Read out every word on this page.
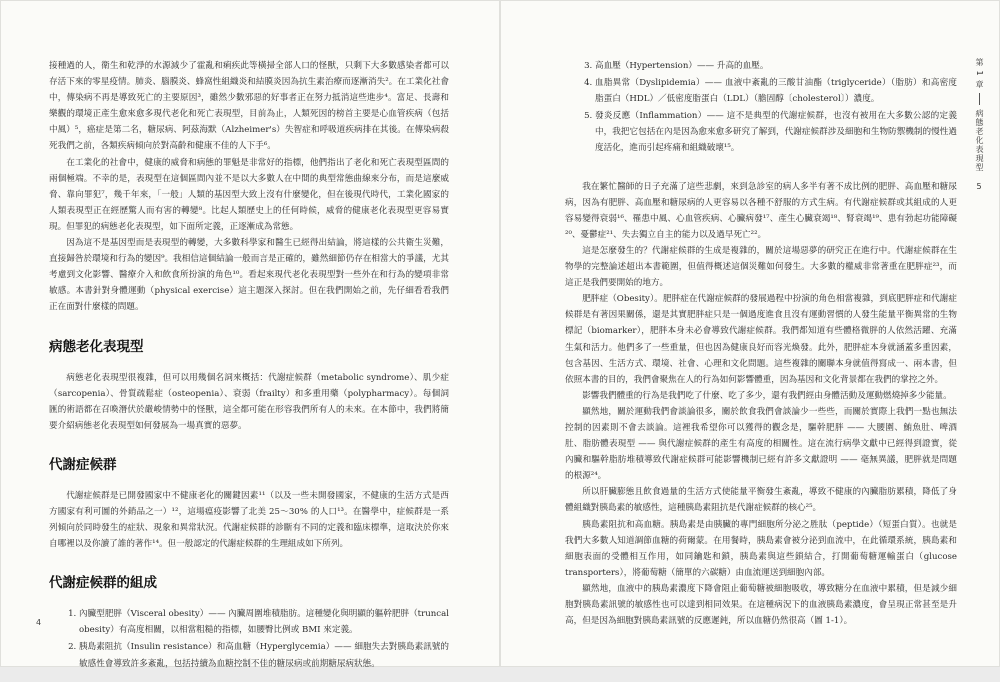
接種過的人，衛生和乾淨的水源減少了霍亂和痢疾此等橫掃全部人口的怪獸，只剩下大多數感染者都可以存活下來的零星疫情。肺炎、腦膜炎、蜂窩性組織炎和結膜炎因為抗生素治療而逐漸消失²。在工業化社會中，傳染病不再是導致死亡的主要原因³，雖然少數邪惡的好事者正在努力抵消這些進步⁴。富足、長壽和樂觀的環境正產生愈來愈多現代老化和死亡表現型，目前為止，人類死因的榜首主要是心血管疾病（包括中風）⁵，癌症是第二名，糖尿病、阿茲海默（Alzheimer's）失智症和呼吸道疾病排在其後。在傳染病殺死我們之前，各類疾病傾向於對高齡和健康不佳的人下手⁶。

在工業化的社會中，健康的威脅和病態的罪魁是非常好的指標，他們指出了老化和死亡表現型區間的兩個極端。不幸的是，表現型在這個區間內並不是以大多數人在中間的典型常態曲線來分布，而是這麼威脅、靠向罪犯⁷，幾千年來，「一般」人類的基因型大致上沒有什麼變化，但在後現代時代，工業化國家的人類表現型正在經歷驚人而有害的轉變⁸。比起人類歷史上的任何時候，威脅的健康老化表現型更容易實現。但罪犯的病態老化表現型，如下面所定義，正逐漸成為常態。

因為這不是基因型而是表現型的轉變，大多數科學家和醫生已經得出結論，將這樣的公共衛生災難，直接歸咎於環境和行為的變因⁹。我相信這個結論一般而言是正確的，雖然細節仍存在相當大的爭議，尤其考慮到文化影響、醫療介入和飲食所扮演的角色¹⁰。看起來現代老化表現型對一些外在和行為的變項非常敏感。本書針對身體運動（physical exercise）這主題深入探討。但在我們開始之前，先仔細看看我們正在面對什麼樣的問題。

病態老化表現型

病態老化表現型很複雜，但可以用幾個名詞來概括：代謝症候群（metabolic syndrome）、肌少症（sarcopenia）、骨質疏鬆症（osteopenia）、衰弱（frailty）和多重用藥（polypharmacy）。每個詞匯的術語都在召喚潛伏於嚴峻情勢中的怪獸，這全都可能在形容我們所有人的未來。在本節中，我們將簡要介紹病態老化表現型如何發展為一場真實的惡夢。

代謝症候群

代謝症候群是已開發國家中不健康老化的關鍵因素¹¹（以及一些未開發國家，不健康的生活方式是西方國家有利可圖的外銷品之一）¹²，這場瘟疫影響了北美 25～30% 的人口¹³。在醫學中，症候群是一系列傾向於同時發生的症狀、現象和異常狀況。代謝症候群的診斷有不同的定義和臨床標準，這取決於你來自哪裡以及你讀了誰的著作¹⁴。但一般認定的代謝症候群的生理組成如下所列。

代謝症候群的組成
1. 內臟型肥胖（Visceral obesity）—— 內臟周圍堆積脂肪。這種變化與明顯的軀幹肥胖（truncal obesity）有高度相關，以相當粗糙的指標，如腰臀比例或 BMI 來定義。
2. 胰島素阻抗（Insulin resistance）和高血糖（Hyperglycemia）—— 細胞失去對胰島素訊號的敏感性會導致許多紊亂，包括持續為血糖控制不佳的糖尿病或前期糖尿病狀態。
4
3. 高血壓（Hypertension）—— 升高的血壓。
4. 血脂異常（Dyslipidemia）—— 血液中紊亂的三酸甘油酯（triglyceride）（脂肪）和高密度脂蛋白（HDL）／低密度脂蛋白（LDL）（膽固醇〔cholesterol〕）濃度。
5. 發炎反應（Inflammation）—— 這不是典型的代謝症候群，也沒有被用在大多數公認的定義中，我把它包括在內是因為愈來愈多研究了解到，代謝症候群涉及細胞和生物防禦機制的慢性過度活化，進而引起疼痛和組織破壞¹⁵。

我在繁忙醫師的日子充滿了這些悲劇，來到急診室的病人多半有著不成比例的肥胖、高血壓和糖尿病，因為有肥胖、高血壓和糖尿病的人更容易以各種不舒服的方式生病。有代謝症候群或其組成的人更容易變得衰弱¹⁶、罹患中風、心血管疾病、心臟病發¹⁷、產生心臟衰竭¹⁸、腎衰竭¹⁹、患有勃起功能障礙²⁰、憂鬱症²¹、失去獨立自主的能力以及過早死亡²²。

這是怎麼發生的？代謝症候群的生成是複雜的，關於這場惡夢的研究正在進行中。代謝症候群在生物學的完整論述超出本書範圍，但值得概述這個災難如何發生。大多數的權威非常著重在肥胖症²³，而這正是我們要開始的地方。

肥胖症（Obesity）。肥胖症在代謝症候群的發展過程中扮演的角色相當複雜，到底肥胖症和代謝症候群是有著因果關係，還是其實肥胖症只是一個過度進食且沒有運動習慣的人發生能量平衡異常的生物標記（biomarker），肥胖本身未必會導致代謝症候群。我們都知道有些體格微胖的人依然活躍、充滿生氣和活力。他們多了一些重量，但也因為健康良好而容光煥發。此外，肥胖症本身就涵蓋多重因素，包含基因、生活方式、環境、社會、心理和文化問題。這些複雜的關聯本身就值得寫成一、兩本書，但依照本書的目的，我們會聚焦在人的行為如何影響體重，因為基因和文化背景都在我們的掌控之外。

影響我們體重的行為是我們吃了什麼、吃了多少，還有我們經由身體活動及運動燃燒掉多少能量。

顯然地，關於運動我們會談論很多，關於飲食我們會談論少一些些，而關於實際上我們一點也無法控制的因素則不會去談論。這裡我希望你可以獲得的觀念是，驅幹肥胖 —— 大腰圍、鮪魚肚、啤酒肚、脂肪體表現型 —— 與代謝症候群的產生有高度的相關性。這在流行病學文獻中已經得到證實，從內臟和驅幹脂肪堆積導致代謝症候群可能影響機制已經有許多文獻證明 —— 毫無異議，肥胖就是問題的根源²⁴。

所以肝臟膨態且飲食過量的生活方式使能量平衡發生紊亂，導致不健康的內臟脂肪累積，降低了身體組織對胰島素的敏感性，這種胰島素阻抗是代謝症候群的核心²⁵。

胰島素阻抗和高血糖。胰島素是由胰臟的專門細胞所分泌之胜肽（peptide）（短蛋白質）。也就是我們大多數人知道調節血糖的荷爾蒙。在用餐時，胰島素會被分泌到血流中，在此循環系統，胰島素和細胞表面的受體相互作用，如同鑰匙和鎖，胰島素與這些鎖結合，打開葡萄糖運輸蛋白（glucose transporters），將葡萄糖（簡單的六碳糖）由血流運送到細胞內部。

顯然地，血液中的胰島素濃度下降會阻止葡萄糖被細胞吸收，導致糖分在血液中累積，但是減少細胞對胰島素訊號的敏感性也可以達到相同效果。在這種病況下的血液胰島素濃度，會呈現正常甚至是升高，但是因為細胞對胰島素訊號的反應遲鈍，所以血糖仍然很高（圖 1-1）。

第 1 章
病態老化表現型
5
